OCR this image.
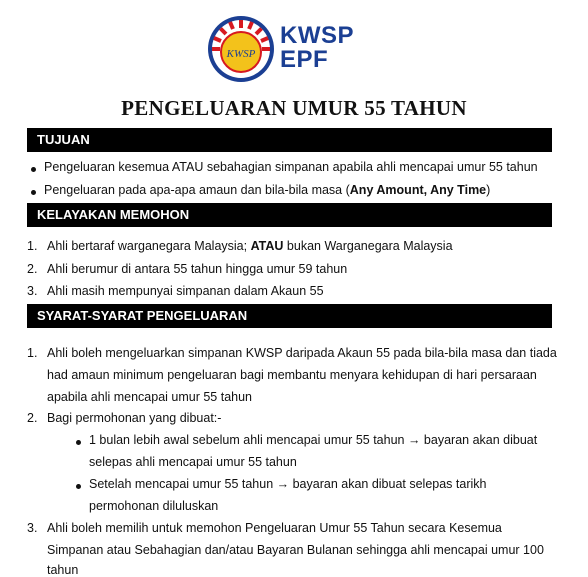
KWSP
KWSP
EPF
PENGELUARAN UMUR 55 TAHUN
TUJUAN
Pengeluaran kesemua ATAU sebahagian simpanan apabila ahli mencapai umur 55 tahun
Pengeluaran pada apa-apa amaun dan bila-bila masa (Any Amount, Any Time)
KELAYAKAN MEMOHON
1. Ahli bertaraf warganegara Malaysia; ATAU bukan Warganegara Malaysia
2. Ahli berumur di antara 55 tahun hingga umur 59 tahun
3. Ahli masih mempunyai simpanan dalam Akaun 55
SYARAT-SYARAT PENGELUARAN
1. Ahli boleh mengeluarkan simpanan KWSP daripada Akaun 55 pada bila-bila masa dan tiada
had amaun minimum pengeluaran bagi membantu menyara kehidupan di hari persaraan
apabila ahli mencapai umur 55 tahun
2. Bagi permohonan yang dibuat:-
1 bulan lebih awal sebelum ahli mencapai umur 55 tahun → bayaran akan dibuat
selepas ahli mencapai umur 55 tahun
Setelah mencapai umur 55 tahun → bayaran akan dibuat selepas tarikh
permohonan diluluskan
3. Ahli boleh memilih untuk memohon Pengeluaran Umur 55 Tahun secara Kesemua
Simpanan atau Sebahagian dan/atau Bayaran Bulanan sehingga ahli mencapai umur 100
tahun
